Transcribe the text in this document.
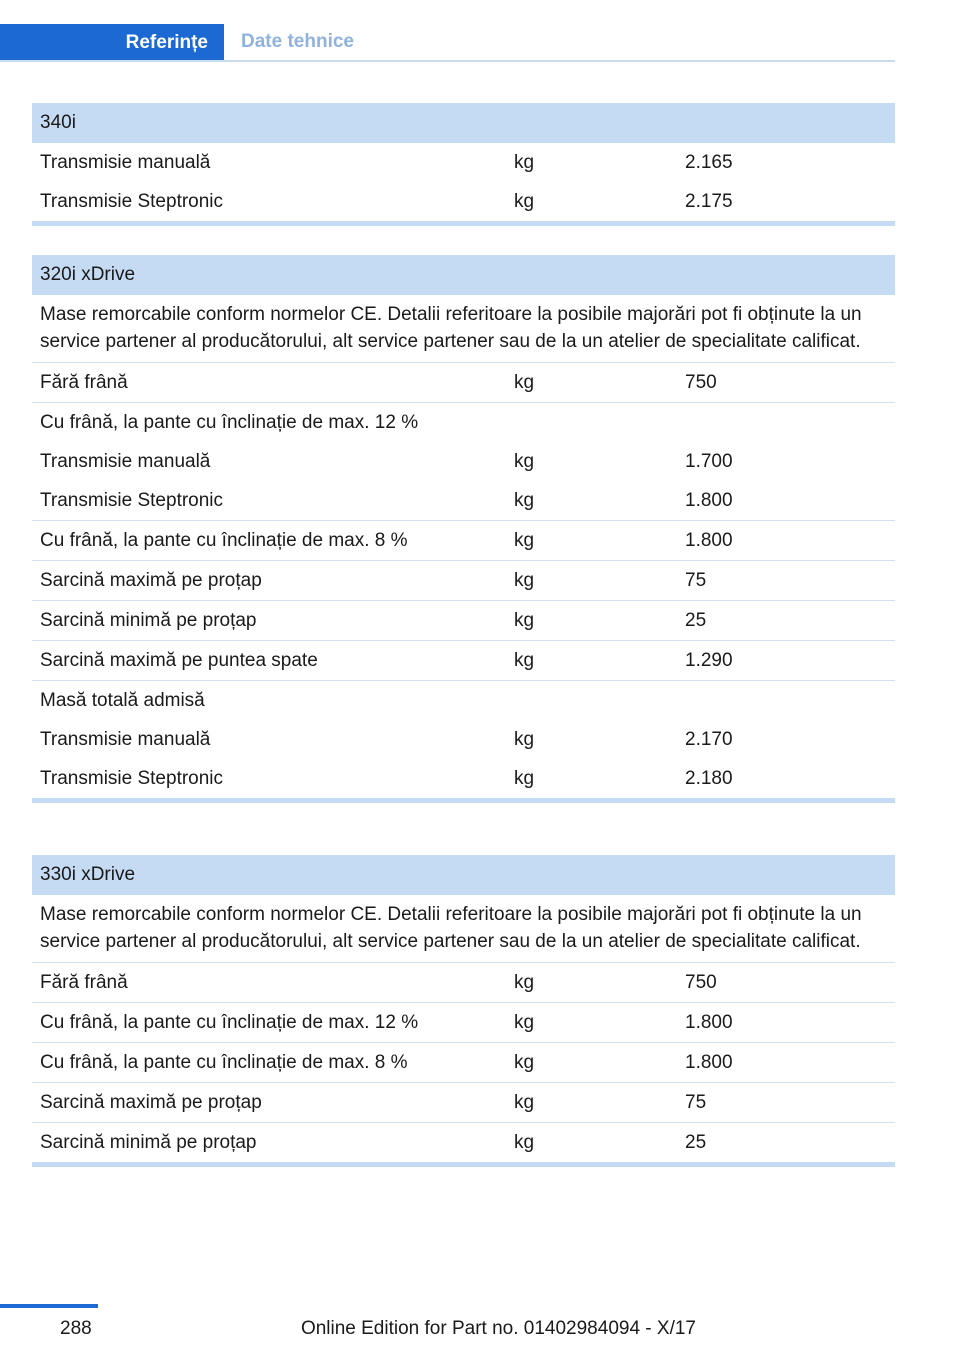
Referințe	Date tehnice
340i
Transmisie manuală	kg	2.165
Transmisie Steptronic	kg	2.175
320i xDrive
Mase remorcabile conform normelor CE. Detalii referitoare la posibile majorări pot fi obținute la un service partener al producătorului, alt service partener sau de la un atelier de specialitate calificat.
Fără frână	kg	750
Cu frână, la pante cu înclinație de max. 12 %
Transmisie manuală	kg	1.700
Transmisie Steptronic	kg	1.800
Cu frână, la pante cu înclinație de max. 8 %	kg	1.800
Sarcină maximă pe proțap	kg	75
Sarcină minimă pe proțap	kg	25
Sarcină maximă pe puntea spate	kg	1.290
Masă totală admisă
Transmisie manuală	kg	2.170
Transmisie Steptronic	kg	2.180
330i xDrive
Mase remorcabile conform normelor CE. Detalii referitoare la posibile majorări pot fi obținute la un service partener al producătorului, alt service partener sau de la un atelier de specialitate calificat.
Fără frână	kg	750
Cu frână, la pante cu înclinație de max. 12 %	kg	1.800
Cu frână, la pante cu înclinație de max. 8 %	kg	1.800
Sarcină maximă pe proțap	kg	75
Sarcină minimă pe proțap	kg	25
288	Online Edition for Part no. 01402984094 - X/17
